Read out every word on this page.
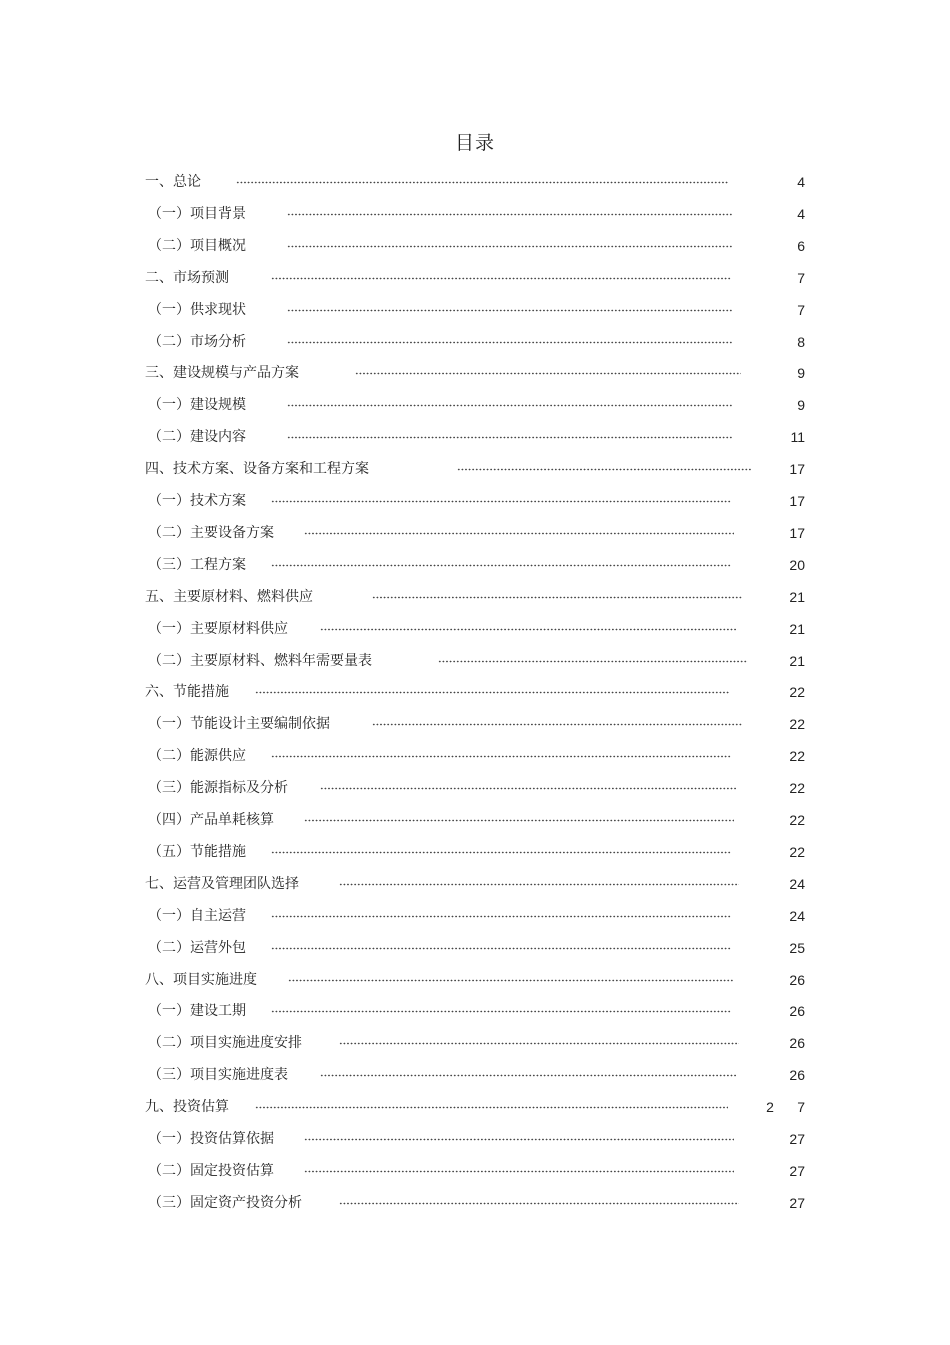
目录
一、总论	4
（一）项目背景	4
（二）项目概况	6
二、市场预测	7
（一）供求现状	7
（二）市场分析	8
三、建设规模与产品方案	9
（一）建设规模	9
（二）建设内容	11
四、技术方案、设备方案和工程方案	17
（一）技术方案	17
（二）主要设备方案	17
（三）工程方案	20
五、主要原材料、燃料供应	21
（一）主要原材料供应	21
（二）主要原材料、燃料年需要量表	21
六、节能措施	22
（一）节能设计主要编制依据	22
（二）能源供应	22
（三）能源指标及分析	22
（四）产品单耗核算	22
（五）节能措施	22
七、运营及管理团队选择	24
（一）自主运营	24
（二）运营外包	25
八、项目实施进度	26
（一）建设工期	26
（二）项目实施进度安排	26
（三）项目实施进度表	26
九、投资估算	2      7
（一）投资估算依据	27
（二）固定投资估算	27
（三）固定资产投资分析	27
